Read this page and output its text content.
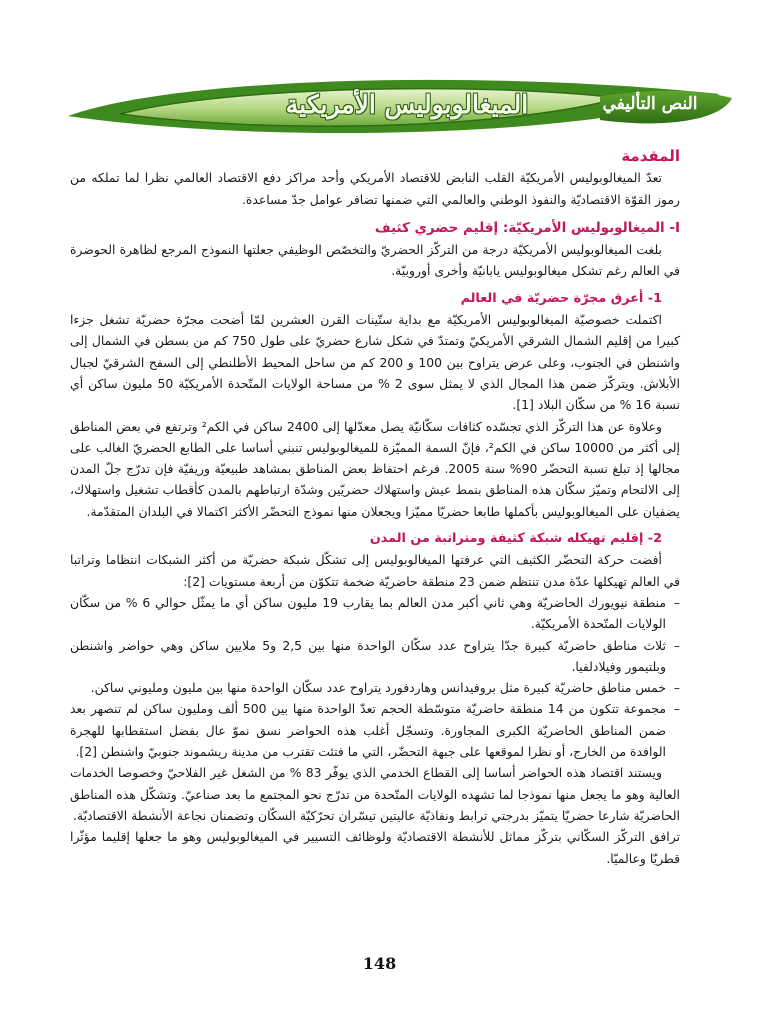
الميغالوبوليس الأمريكية	النص التأليفي

المقدمة

تعدّ الميغالوبوليس الأمريكيّة القلب النابض للاقتصاد الأمريكي وأحد مراكز دفع الاقتصاد العالمي نظرا لما تملكه من رموز القوّة الاقتصاديّة والنفوذ الوطني والعالمي التي ضمنها تضافر عوامل جدّ مساعدة.

I- الميغالوبوليس الأمريكيّة: إقليم حضري كثيف

بلغت الميغالوبوليس الأمريكيّة درجة من التركّز الحضريّ والتخصّص الوظيفي جعلتها النموذج المرجع لظاهرة الحوضرة في العالم رغم تشكل ميغالوبوليس يابانيّة وأخرى أوروبيّة.

1- أعرق مجرّة حضريّة في العالم

اكتملت خصوصيّة الميغالوبوليس الأمريكيّة مع بداية ستّينات القرن العشرين لمّا أضحت مجرّة حضريّة تشغل جزءا كبيرا من إقليم الشمال الشرقي الأمريكيّ وتمتدّ في شكل شارع حضريّ على طول 750 كم من بسطن في الشمال إلى واشنطن في الجنوب، وعلى عرض يتراوح بين 100 و 200 كم من ساحل المحيط الأطلنطي إلى السفح الشرقيّ لجبال الأبلاش. ويتركّز ضمن هذا المجال الذي لا يمثل سوى 2 % من مساحة الولايات المتّحدة الأمريكيّة 50 مليون ساكن أي نسبة 16 % من سكّان البلاد [1].

وعلاوة عن هذا التركّز الذي تجسّده كثافات سكّانيّة يصل معدّلها إلى 2400 ساكن في الكم² وترتفع في بعض المناطق إلى أكثر من 10000 ساكن في الكم²، فإنّ السمة المميّزة للميغالوبوليس تنبني أساسا على الطابع الحضريّ الغالب على مجالها إذ تبلغ نسبة التحضّر 90% سنة 2005. فرغم احتفاظ بعض المناطق بمشاهد طبيعيّة وريفيّة فإن تدرّج جلّ المدن إلى الالتحام وتميّز سكّان هذه المناطق بنمط عيش واستهلاك حضريّين وشدّة ارتباطهم بالمدن كأقطاب تشغيل واستهلاك، يضفيان على الميغالوبوليس بأكملها طابعا حضريّا مميّزا ويجعلان منها نموذج التحضّر الأكثر اكتمالا في البلدان المتقدّمة.

2- إقليم تهيكله شبكة كثيفة ومتراتبة من المدن

أفضت حركة التحضّر الكثيف التي عرفتها الميغالوبوليس إلى تشكّل شبكة حضريّة من أكثر الشبكات انتظاما وتراتبا في العالم تهيكلها عدّة مدن تنتظم ضمن 23 منطقة حاضريّة ضخمة تتكوّن من أربعة مستويات [2]:

– منطقة نيويورك الحاضريّة وهي ثاني أكبر مدن العالم بما يقارب 19 مليون ساكن أي ما يمثّل حوالي 6 % من سكّان الولايات المتّحدة الأمريكيّة.
– ثلاث مناطق حاضريّة كبيرة جدّا يتراوح عدد سكّان الواحدة منها بين 2,5 و5 ملايين ساكن وهي حواضر واشنطن وبلتيمور وفيلادلفيا.
– خمس مناطق حاضريّة كبيرة مثل بروفيدانس وهاردفورد يتراوح عدد سكّان الواحدة منها بين مليون ومليوني ساكن.
– مجموعة تتكون من 14 منطقة حاضريّة متوسّطة الحجم تعدّ الواحدة منها بين 500 ألف ومليون ساكن لم تنصهر بعد ضمن المناطق الحاضريّة الكبرى المجاورة. وتسجّل أغلب هذه الحواضر نسق نموّ عال بفضل استقطابها للهجرة الوافدة من الخارج، أو نظرا لموقعها على جبهة التحضّر، التي ما فتئت تقترب من مدينة ريشموند جنوبيّ واشنطن [2].

ويستند اقتصاد هذه الحواضر أساسا إلى القطاع الخدمي الذي يوفّر 83 % من الشغل غير الفلاحيّ وخصوصا الخدمات العالية وهو ما يجعل منها نموذجا لما تشهده الولايات المتّحدة من تدرّج نحو المجتمع ما بعد صناعيّ. وتشكّل هذه المناطق الحاضريّة شارعا حضريّا يتميّز بدرجتي ترابط ونفاذيّة عاليتين تيسّران تحرّكيّة السكّان وتضمنان نجاعة الأنشطة الاقتصاديّة.

ترافق التركّز السكّاني بتركّز مماثل للأنشطة الاقتصاديّة ولوظائف التسيير في الميغالوبوليس وهو ما جعلها إقليما مؤثّرا قطريّا وعالميّا.

148
